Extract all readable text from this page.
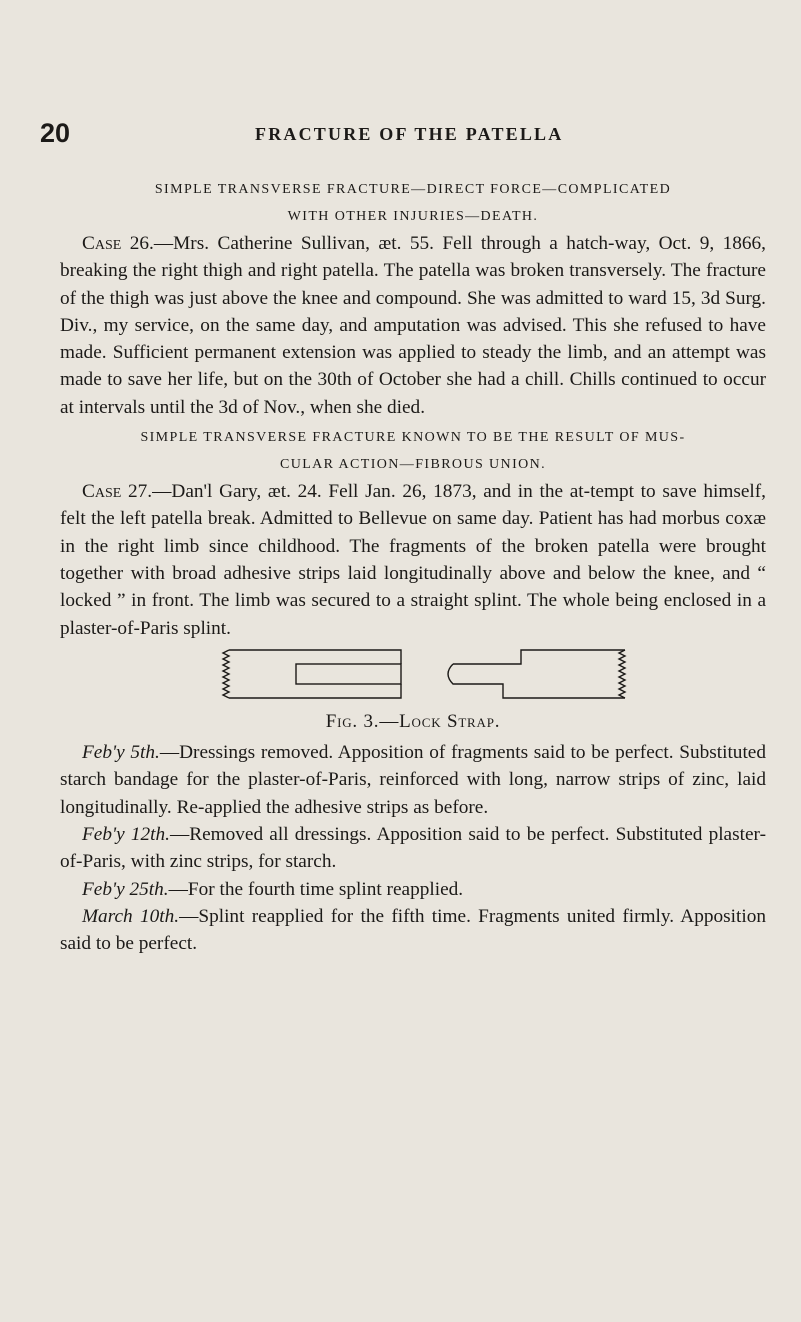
20	FRACTURE OF THE PATELLA

SIMPLE TRANSVERSE FRACTURE—DIRECT FORCE—COMPLICATED
WITH OTHER INJURIES—DEATH.

Case 26.—Mrs. Catherine Sullivan, æt. 55. Fell through a hatch-way, Oct. 9, 1866, breaking the right thigh and right patella. The patella was broken transversely. The fracture of the thigh was just above the knee and compound. She was admitted to ward 15, 3d Surg. Div., my service, on the same day, and amputation was advised. This she refused to have made. Sufficient permanent extension was applied to steady the limb, and an attempt was made to save her life, but on the 30th of October she had a chill. Chills continued to occur at intervals until the 3d of Nov., when she died.

SIMPLE TRANSVERSE FRACTURE KNOWN TO BE THE RESULT OF MUS-
CULAR ACTION—FIBROUS UNION.

Case 27.—Dan'l Gary, æt. 24. Fell Jan. 26, 1873, and in the at-tempt to save himself, felt the left patella break. Admitted to Bellevue on same day. Patient has had morbus coxæ in the right limb since childhood. The fragments of the broken patella were brought together with broad adhesive strips laid longitudinally above and below the knee, and “ locked ” in front. The limb was secured to a straight splint. The whole being enclosed in a plaster-of-Paris splint.

Fig. 3.—Lock Strap.

Feb'y 5th.—Dressings removed. Apposition of fragments said to be perfect. Substituted starch bandage for the plaster-of-Paris, reinforced with long, narrow strips of zinc, laid longitudinally. Re-applied the adhesive strips as before.

Feb'y 12th.—Removed all dressings. Apposition said to be perfect. Substituted plaster-of-Paris, with zinc strips, for starch.

Feb'y 25th.—For the fourth time splint reapplied.

March 10th.—Splint reapplied for the fifth time. Fragments united firmly. Apposition said to be perfect.
